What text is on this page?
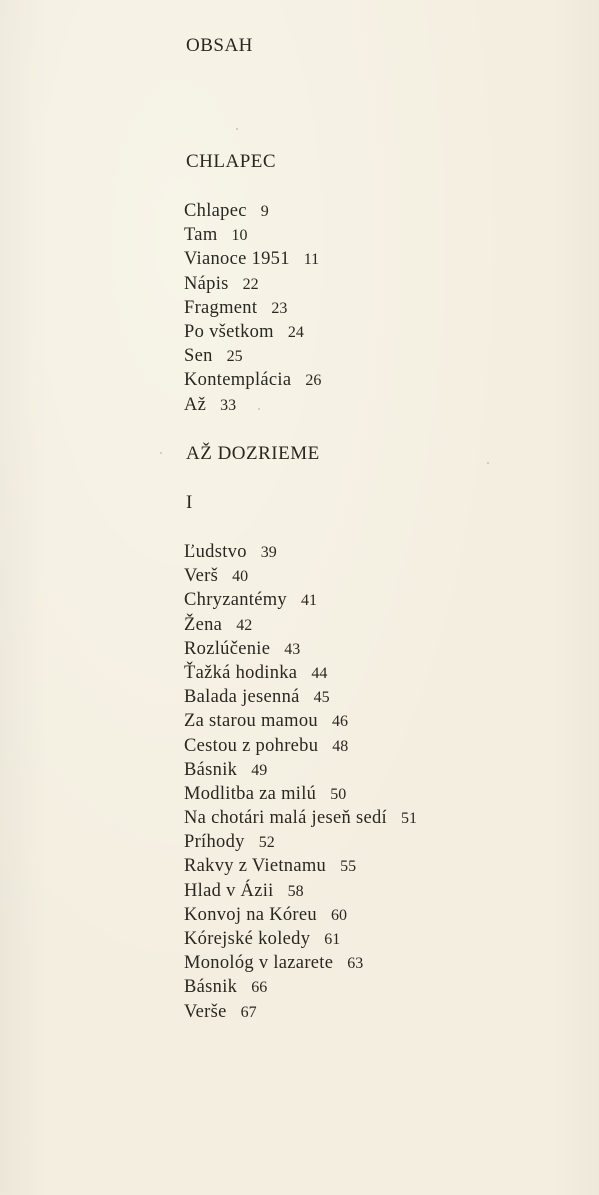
OBSAH
CHLAPEC
Chlapec 9
Tam 10
Vianoce 1951 11
Nápis 22
Fragment 23
Po všetkom 24
Sen 25
Kontemplácia 26
Až 33
AŽ DOZRIEME
I
Ľudstvo 39
Verš 40
Chryzantémy 41
Žena 42
Rozlúčenie 43
Ťažká hodinka 44
Balada jesenná 45
Za starou mamou 46
Cestou z pohrebu 48
Básnik 49
Modlitba za milú 50
Na chotári malá jeseň sedí 51
Príhody 52
Rakvy z Vietnamu 55
Hlad v Ázii 58
Konvoj na Kóreu 60
Kórejské koledy 61
Monológ v lazarete 63
Básnik 66
Verše 67
